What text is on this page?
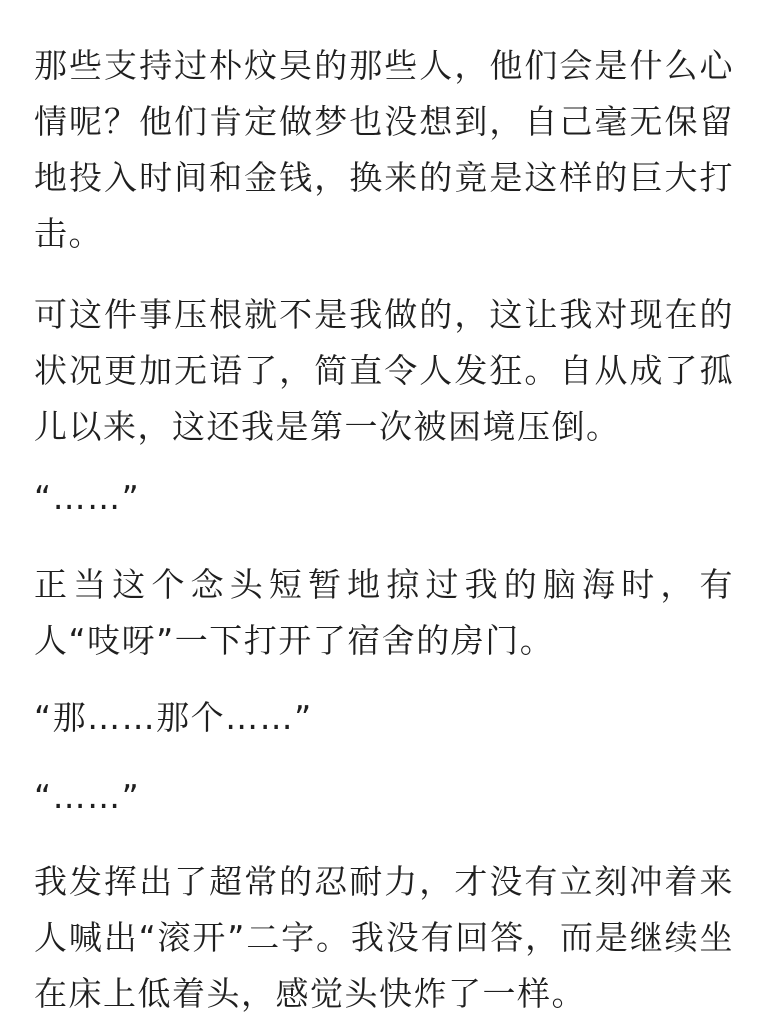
那些支持过朴炆旲的那些人，他们会是什么心情呢？他们肯定做梦也没想到，自己毫无保留地投入时间和金钱，换来的竟是这样的巨大打击。

可这件事压根就不是我做的，这让我对现在的状况更加无语了，简直令人发狂。自从成了孤儿以来，这还我是第一次被困境压倒。

“……”

正当这个念头短暂地掠过我的脑海时，有人“吱呀”一下打开了宿舍的房门。

“那……那个……”

“……”

我发挥出了超常的忍耐力，才没有立刻冲着来人喊出“滚开”二字。我没有回答，而是继续坐在床上低着头，感觉头快炸了一样。
